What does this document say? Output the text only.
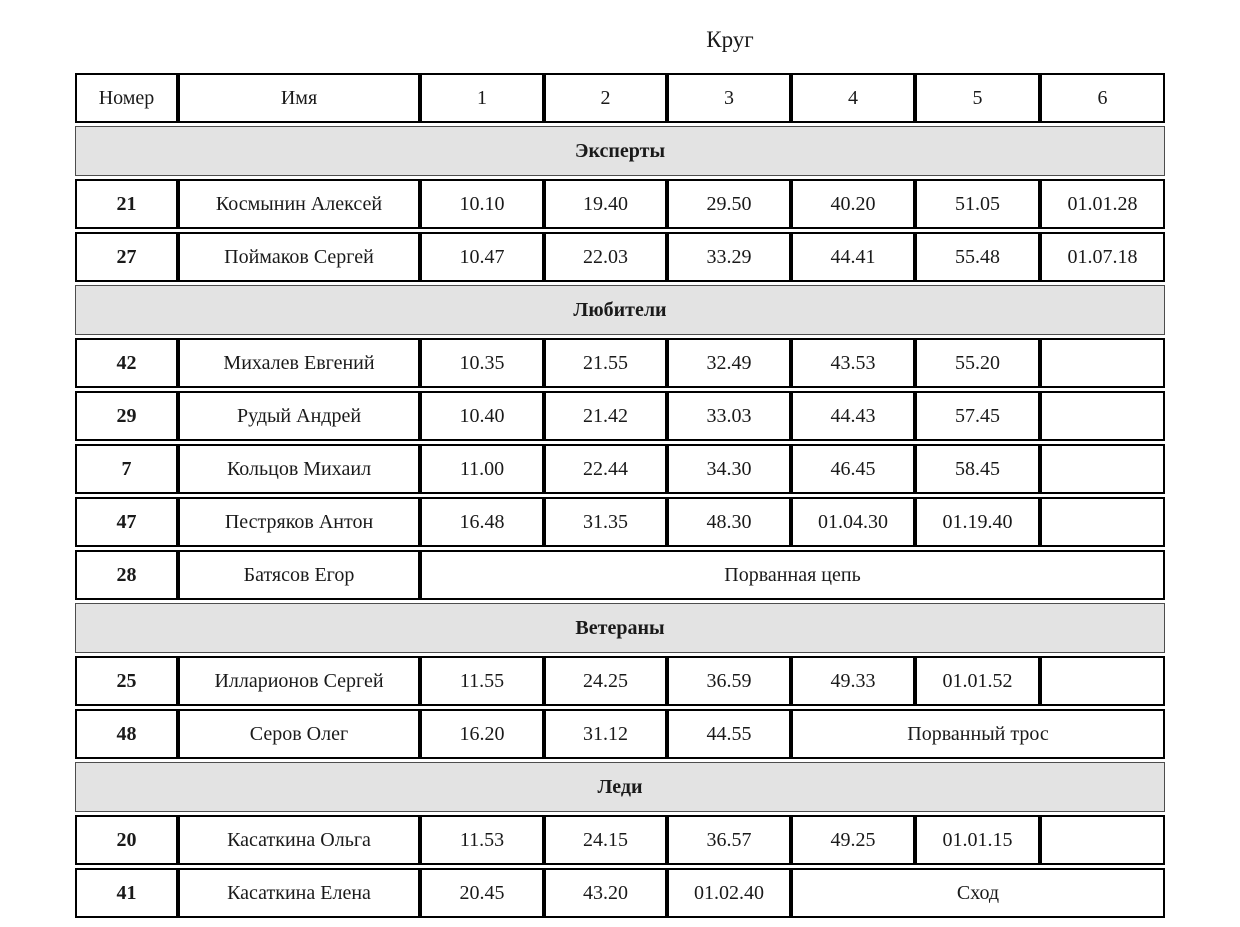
Круг
Номер	Имя	1	2	3	4	5	6
Эксперты							
21	Космынин Алексей	10.10	19.40	29.50	40.20	51.05	01.01.28
27	Поймаков Сергей	10.47	22.03	33.29	44.41	55.48	01.07.18
Любители							
42	Михалев Евгений	10.35	21.55	32.49	43.53	55.20	
29	Рудый Андрей	10.40	21.42	33.03	44.43	57.45	
7	Кольцов Михаил	11.00	22.44	34.30	46.45	58.45	
47	Пестряков Антон	16.48	31.35	48.30	01.04.30	01.19.40	
28	Батясов Егор	Порванная цепь					
Ветераны							
25	Илларионов Сергей	11.55	24.25	36.59	49.33	01.01.52	
48	Серов Олег	16.20	31.12	44.55	Порванный трос		
Леди							
20	Касаткина Ольга	11.53	24.15	36.57	49.25	01.01.15	
41	Касаткина Елена	20.45	43.20	01.02.40	Сход		
